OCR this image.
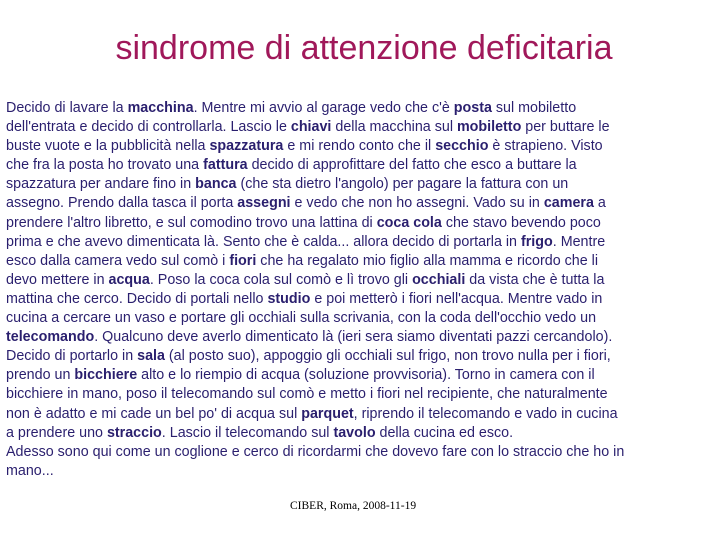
sindrome di attenzione deficitaria
Decido di lavare la macchina. Mentre mi avvio al garage vedo che c'è posta sul mobiletto
dell'entrata e decido di controllarla. Lascio le chiavi della macchina sul mobiletto per buttare le
buste vuote e la pubblicità nella spazzatura e mi rendo conto che il secchio è strapieno. Visto
che fra la posta ho trovato una fattura decido di approfittare del fatto che esco a buttare la
spazzatura per andare fino in banca (che sta dietro l'angolo) per pagare la fattura con un
assegno. Prendo dalla tasca il porta assegni e vedo che non ho assegni. Vado su in camera a
prendere l'altro libretto, e sul comodino trovo una lattina di coca cola che stavo bevendo poco
prima e che avevo dimenticata là. Sento che è calda... allora decido di portarla in frigo. Mentre
esco dalla camera vedo sul comò i fiori che ha regalato mio figlio alla mamma e ricordo che li
devo mettere in acqua. Poso la coca cola sul comò e lì trovo gli occhiali da vista che è tutta la
mattina che cerco. Decido di portali nello studio e poi metterò i fiori nell'acqua. Mentre vado in
cucina a cercare un vaso e portare gli occhiali sulla scrivania, con la coda dell'occhio vedo un
telecomando. Qualcuno deve averlo dimenticato là (ieri sera siamo diventati pazzi cercandolo).
Decido di portarlo in sala (al posto suo), appoggio gli occhiali sul frigo, non trovo nulla per i fiori,
prendo un bicchiere alto e lo riempio di acqua (soluzione provvisoria). Torno in camera con il
bicchiere in mano, poso il telecomando sul comò e metto i fiori nel recipiente, che naturalmente
non è adatto e mi cade un bel po' di acqua sul parquet, riprendo il telecomando e vado in cucina
a prendere uno straccio. Lascio il telecomando sul tavolo della cucina ed esco.
Adesso sono qui come un coglione e cerco di ricordarmi che dovevo fare con lo straccio che ho in
mano...
CIBER, Roma, 2008-11-19
